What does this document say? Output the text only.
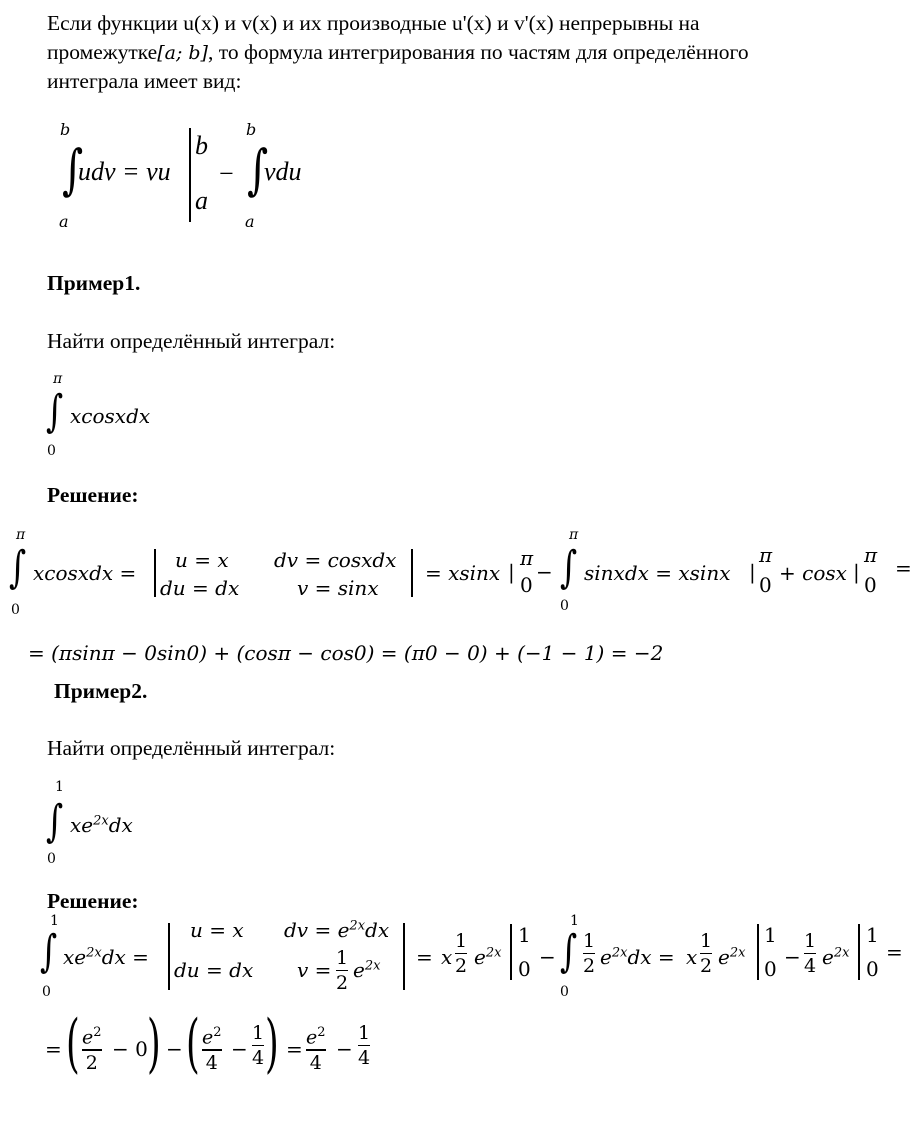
Если функции u(x) и v(x) и их производные u'(x) и v'(x) непрерывны на
промежутке[a; b], то формула интегрирования по частям для определённого
интеграла имеет вид:
b
∫
a
udv = vu
b
a
−
b
∫
a
vdu
Пример1.
Найти определённый интеграл:
π
∫
0
xcosxdx
Решение:
π
∫
0
xcosxdx =
u = x dv = cosxdx
du = dx	v = sinx
= xsinx |
π
0
−
π
∫
0
sinxdx = xsinx |
π
0 + cosx |
π
0
=
= (πsinπ − 0sin0) + (cosπ − cos0) = (π0 − 0) + (−1 − 1) = −2
Пример2.
Найти определённый интеграл:
1
∫
0
$xe^{2x}dx$
Решение:
1
∫
0
$xe^{2x}dx$ =
u = x dv = $e^{2x}dx$
du = dx v = 1
2
$e^{2x} = x$
1
2 $e^{2x}$
1
0 −
1
∫
0
1
2 $e^{2x}dx = x$
1
2 $e^{2x}$
1
0 −
1
4 $e^{2x}$
1
0
=
= ( $e^2$
2
− 0 ) − ( $e^2$
4
−
1
4 ) = $e^2$
4
−
1
4
